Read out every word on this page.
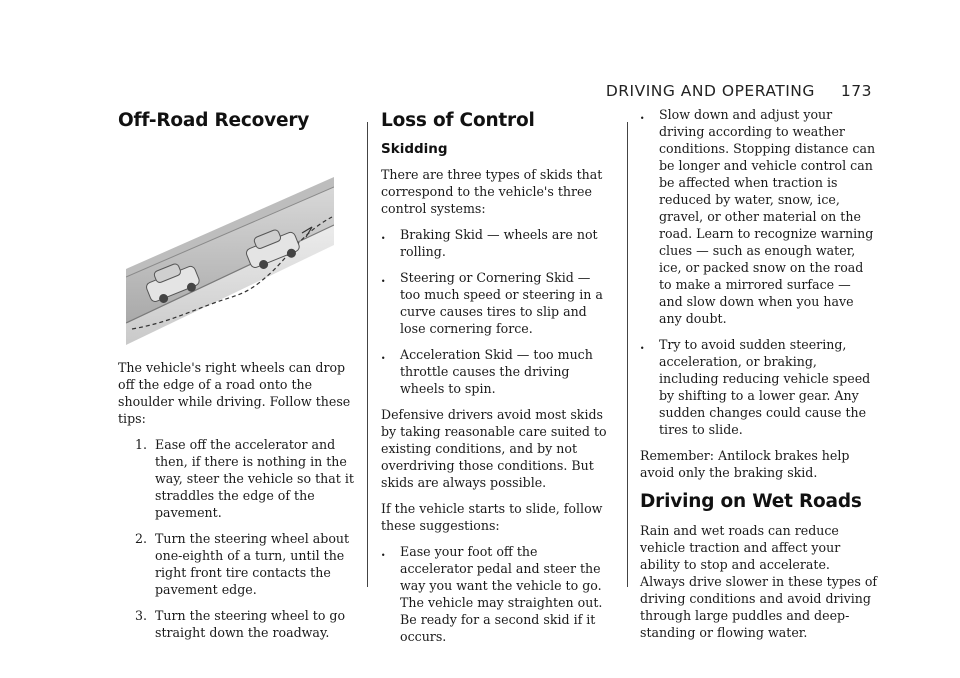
DRIVING AND OPERATING 173
Off-Road Recovery

The vehicle's right wheels can drop off the edge of a road onto the shoulder while driving. Follow these tips:

1. Ease off the accelerator and then, if there is nothing in the way, steer the vehicle so that it straddles the edge of the pavement.
2. Turn the steering wheel about one-eighth of a turn, until the right front tire contacts the pavement edge.
3. Turn the steering wheel to go straight down the roadway.
Loss of Control
Skidding

There are three types of skids that correspond to the vehicle's three control systems:

.	Braking Skid — wheels are not rolling.
.	Steering or Cornering Skid — too much speed or steering in a curve causes tires to slip and lose cornering force.
.	Acceleration Skid — too much throttle causes the driving wheels to spin.

Defensive drivers avoid most skids by taking reasonable care suited to existing conditions, and by not overdriving those conditions. But skids are always possible.

If the vehicle starts to slide, follow these suggestions:

.	Ease your foot off the accelerator pedal and steer the way you want the vehicle to go. The vehicle may straighten out. Be ready for a second skid if it occurs.
.	Slow down and adjust your driving according to weather conditions. Stopping distance can be longer and vehicle control can be affected when traction is reduced by water, snow, ice, gravel, or other material on the road. Learn to recognize warning clues — such as enough water, ice, or packed snow on the road to make a mirrored surface — and slow down when you have any doubt.
.	Try to avoid sudden steering, acceleration, or braking, including reducing vehicle speed by shifting to a lower gear. Any sudden changes could cause the tires to slide.

Remember: Antilock brakes help avoid only the braking skid.

Driving on Wet Roads

Rain and wet roads can reduce vehicle traction and affect your ability to stop and accelerate. Always drive slower in these types of driving conditions and avoid driving through large puddles and deep-standing or flowing water.
